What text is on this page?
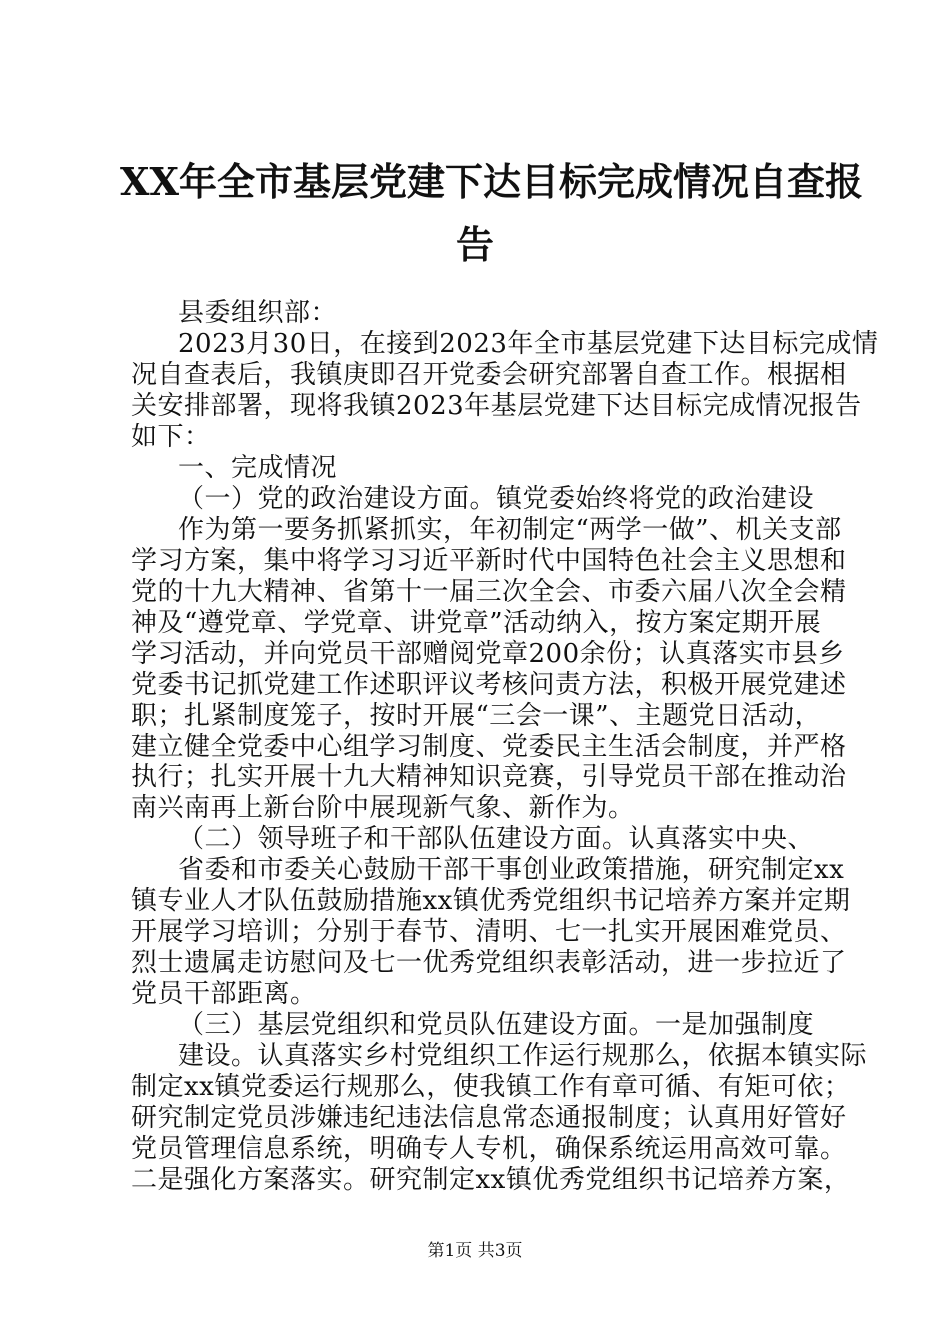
XX年全市基层党建下达目标完成情况自查报
告
县委组织部：
2023月30日，在接到2023年全市基层党建下达目标完成情
况自查表后，我镇庚即召开党委会研究部署自查工作。根据相
关安排部署，现将我镇2023年基层党建下达目标完成情况报告
如下：
一、完成情况
（一）党的政治建设方面。镇党委始终将党的政治建设
作为第一要务抓紧抓实，年初制定“两学一做”、机关支部
学习方案，集中将学习习近平新时代中国特色社会主义思想和
党的十九大精神、省第十一届三次全会、市委六届八次全会精
神及“遵党章、学党章、讲党章”活动纳入，按方案定期开展
学习活动，并向党员干部赠阅党章200余份；认真落实市县乡
党委书记抓党建工作述职评议考核问责方法，积极开展党建述
职；扎紧制度笼子，按时开展“三会一课”、主题党日活动，
建立健全党委中心组学习制度、党委民主生活会制度，并严格
执行；扎实开展十九大精神知识竞赛，引导党员干部在推动治
南兴南再上新台阶中展现新气象、新作为。
（二）领导班子和干部队伍建设方面。认真落实中央、
省委和市委关心鼓励干部干事创业政策措施，研究制定xx
镇专业人才队伍鼓励措施xx镇优秀党组织书记培养方案并定期
开展学习培训；分别于春节、清明、七一扎实开展困难党员、
烈士遗属走访慰问及七一优秀党组织表彰活动，进一步拉近了
党员干部距离。
（三）基层党组织和党员队伍建设方面。一是加强制度
建设。认真落实乡村党组织工作运行规那么，依据本镇实际
制定xx镇党委运行规那么，使我镇工作有章可循、有矩可依；
研究制定党员涉嫌违纪违法信息常态通报制度；认真用好管好
党员管理信息系统，明确专人专机，确保系统运用高效可靠。
二是强化方案落实。研究制定xx镇优秀党组织书记培养方案，
第1页 共3页
